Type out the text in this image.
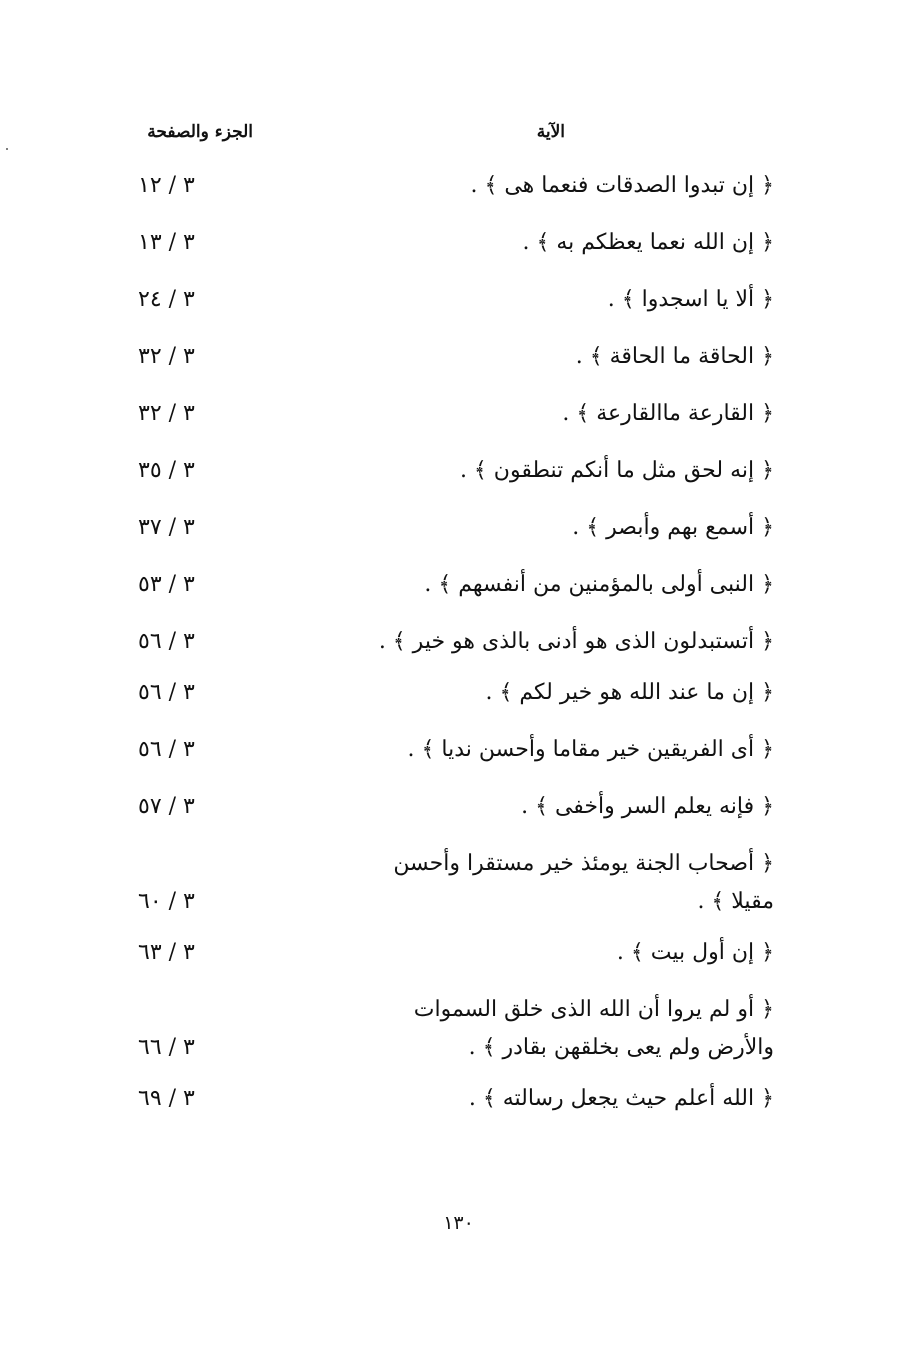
الآية
الجزء والصفحة
﴿ إن تبدوا الصدقات فنعما هى ﴾ .
٣ / ١٢
﴿ إن الله نعما يعظكم به ﴾ .
٣ / ١٣
﴿ ألا يا اسجدوا ﴾ .
٣ / ٢٤
﴿ الحاقة ما الحاقة ﴾ .
٣ / ٣٢
﴿ القارعة ماالقارعة ﴾ .
٣ / ٣٢
﴿ إنه لحق مثل ما أنكم تنطقون ﴾ .
٣ / ٣٥
﴿ أسمع بهم وأبصر ﴾ .
٣ / ٣٧
﴿ النبى أولى بالمؤمنين من أنفسهم ﴾ .
٣ / ٥٣
﴿ أتستبدلون الذى هو أدنى بالذى هو خير ﴾ .
٣ / ٥٦
﴿ إن ما عند الله هو خير لكم ﴾ .
٣ / ٥٦
﴿ أى الفريقين خير مقاما وأحسن نديا ﴾ .
٣ / ٥٦
﴿ فإنه يعلم السر وأخفى ﴾ .
٣ / ٥٧
﴿ أصحاب الجنة يومئذ خير مستقرا وأحسن مقيلا ﴾ .
٣ / ٦٠
﴿ إن أول بيت ﴾ .
٣ / ٦٣
﴿ أو لم يروا أن الله الذى خلق السموات والأرض ولم يعى بخلقهن بقادر ﴾ .
٣ / ٦٦
﴿ الله أعلم حيث يجعل رسالته ﴾ .
٣ / ٦٩
١٣٠
